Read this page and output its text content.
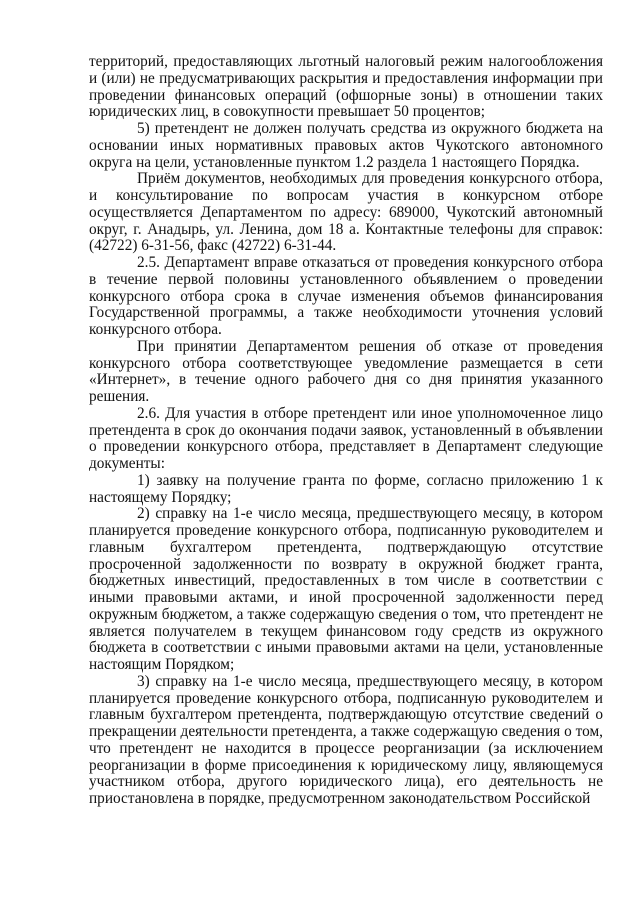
территорий, предоставляющих льготный налоговый режим налогообложения и (или) не предусматривающих раскрытия и предоставления информации при проведении финансовых операций (офшорные зоны) в отношении таких юридических лиц, в совокупности превышает 50 процентов;

5) претендент не должен получать средства из окружного бюджета на основании иных нормативных правовых актов Чукотского автономного округа на цели, установленные пунктом 1.2 раздела 1 настоящего Порядка.

Приём документов, необходимых для проведения конкурсного отбора, и консультирование по вопросам участия в конкурсном отборе осуществляется Департаментом по адресу: 689000, Чукотский автономный округ, г. Анадырь, ул. Ленина, дом 18 а. Контактные телефоны для справок: (42722) 6-31-56, факс (42722) 6-31-44.

2.5. Департамент вправе отказаться от проведения конкурсного отбора в течение первой половины установленного объявлением о проведении конкурсного отбора срока в случае изменения объемов финансирования Государственной программы, а также необходимости уточнения условий конкурсного отбора.

При принятии Департаментом решения об отказе от проведения конкурсного отбора соответствующее уведомление размещается в сети «Интернет», в течение одного рабочего дня со дня принятия указанного решения.

2.6. Для участия в отборе претендент или иное уполномоченное лицо претендента в срок до окончания подачи заявок, установленный в объявлении о проведении конкурсного отбора, представляет в Департамент следующие документы:

1) заявку на получение гранта по форме, согласно приложению 1 к настоящему Порядку;

2) справку на 1-е число месяца, предшествующего месяцу, в котором планируется проведение конкурсного отбора, подписанную руководителем и главным бухгалтером претендента, подтверждающую отсутствие просроченной задолженности по возврату в окружной бюджет гранта, бюджетных инвестиций, предоставленных в том числе в соответствии с иными правовыми актами, и иной просроченной задолженности перед окружным бюджетом, а также содержащую сведения о том, что претендент не является получателем в текущем финансовом году средств из окружного бюджета в соответствии с иными правовыми актами на цели, установленные настоящим Порядком;

3) справку на 1-е число месяца, предшествующего месяцу, в котором планируется проведение конкурсного отбора, подписанную руководителем и главным бухгалтером претендента, подтверждающую отсутствие сведений о прекращении деятельности претендента, а также содержащую сведения о том, что претендент не находится в процессе реорганизации (за исключением реорганизации в форме присоединения к юридическому лицу, являющемуся участником отбора, другого юридического лица), его деятельность не приостановлена в порядке, предусмотренном законодательством Российской
